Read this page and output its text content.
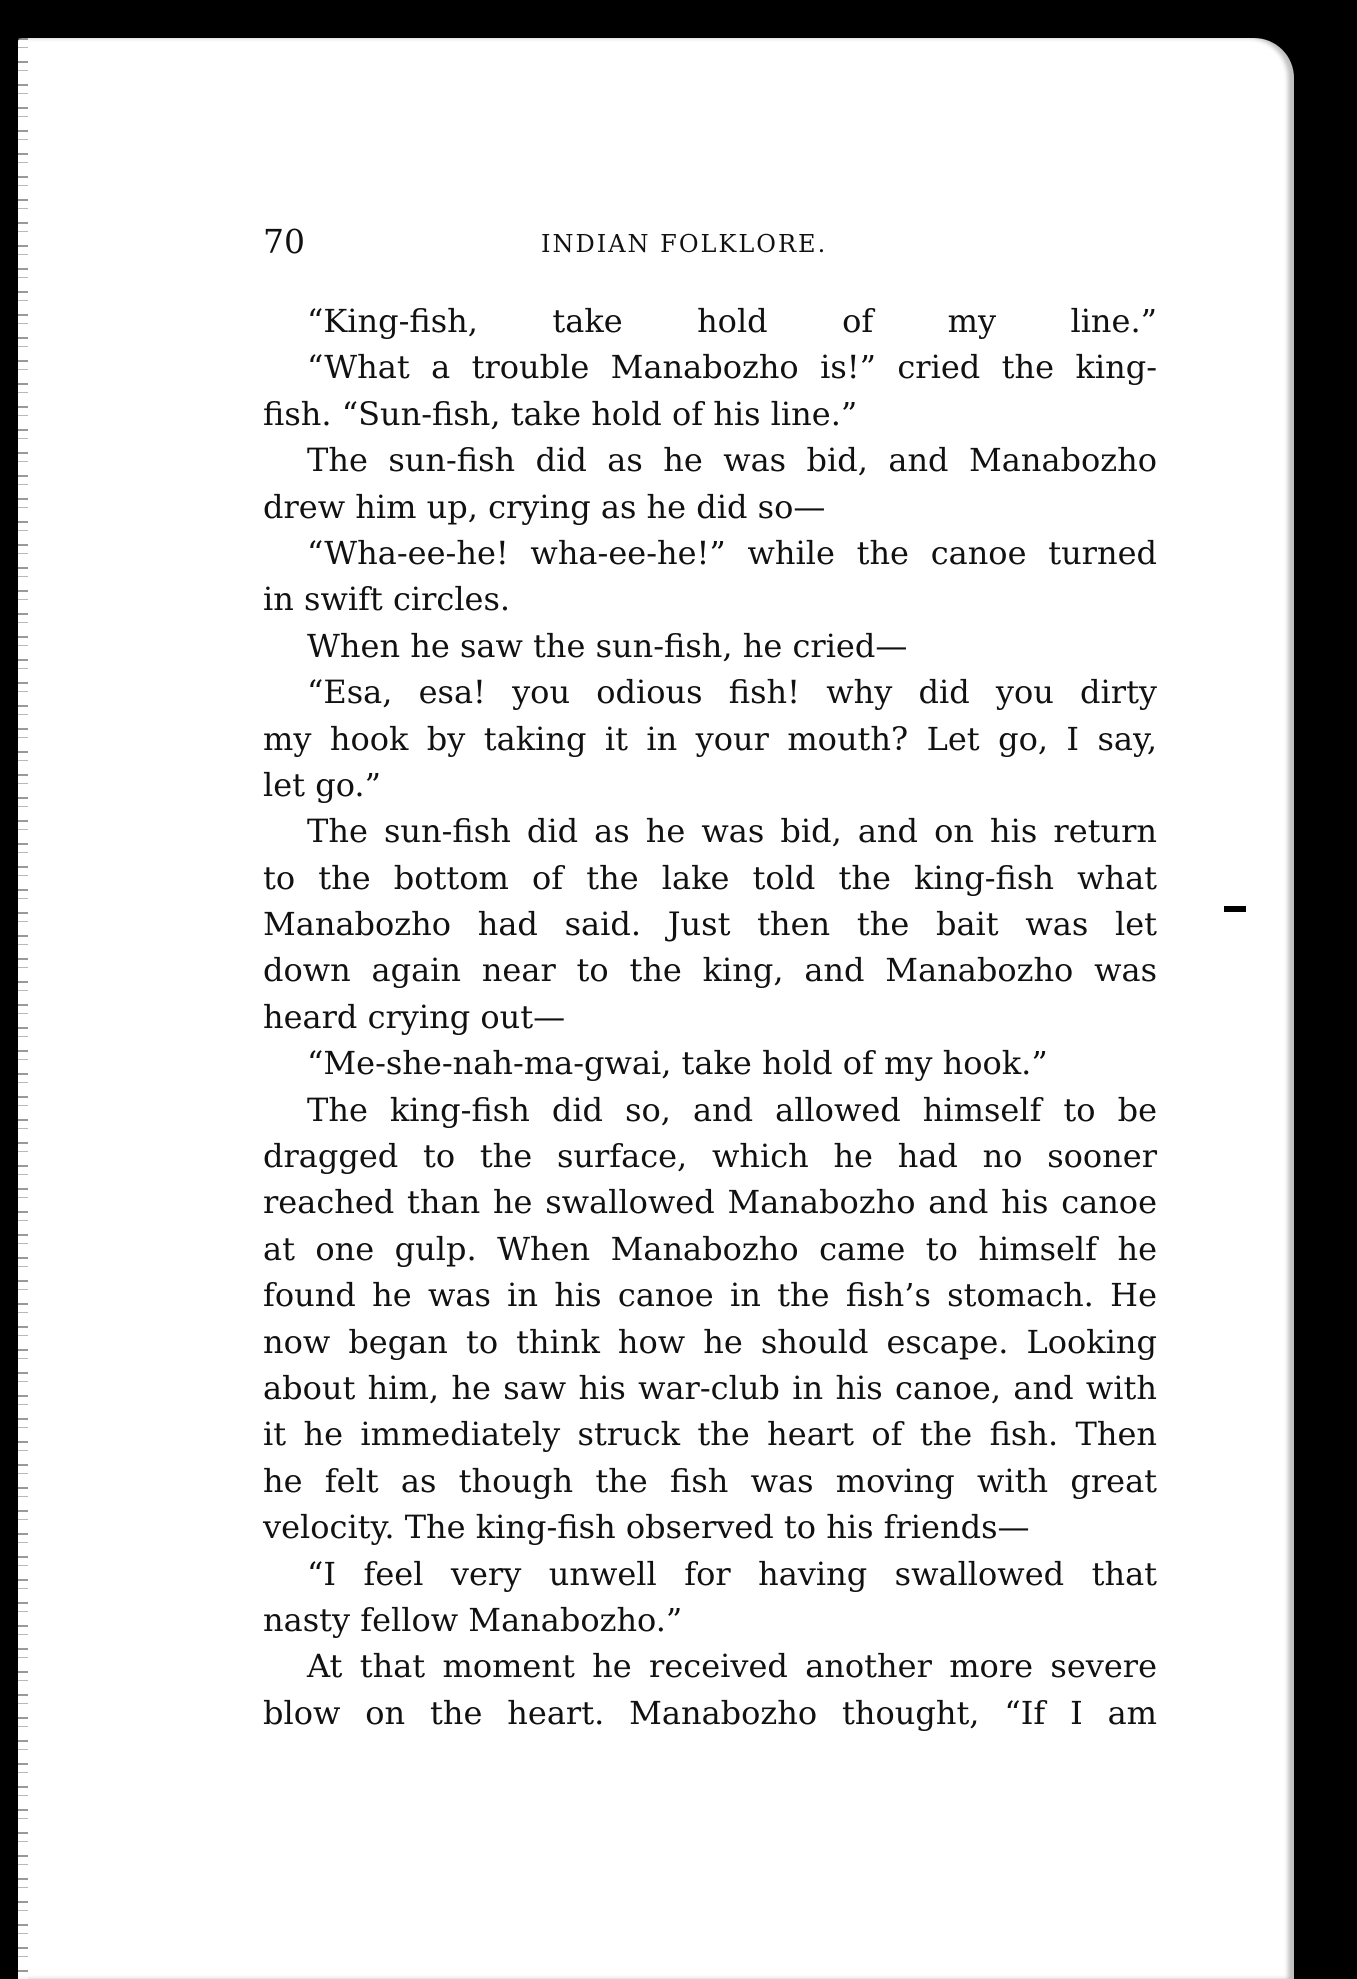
70	INDIAN FOLKLORE.
“King-fish, take hold of my line.”
“What a trouble Manabozho is!” cried the king-
fish. “Sun-fish, take hold of his line.”
The sun-fish did as he was bid, and Manabozho
drew him up, crying as he did so—
“Wha-ee-he! wha-ee-he!” while the canoe turned
in swift circles.
When he saw the sun-fish, he cried—
“Esa, esa! you odious fish! why did you dirty
my hook by taking it in your mouth? Let go, I say,
let go.”
The sun-fish did as he was bid, and on his return
to the bottom of the lake told the king-fish what
Manabozho had said. Just then the bait was let
down again near to the king, and Manabozho was
heard crying out—
“Me-she-nah-ma-gwai, take hold of my hook.”
The king-fish did so, and allowed himself to be
dragged to the surface, which he had no sooner
reached than he swallowed Manabozho and his canoe
at one gulp. When Manabozho came to himself he
found he was in his canoe in the fish’s stomach. He
now began to think how he should escape. Looking
about him, he saw his war-club in his canoe, and with
it he immediately struck the heart of the fish. Then
he felt as though the fish was moving with great
velocity. The king-fish observed to his friends—
“I feel very unwell for having swallowed that
nasty fellow Manabozho.”
At that moment he received another more severe
blow on the heart. Manabozho thought, “If I am
